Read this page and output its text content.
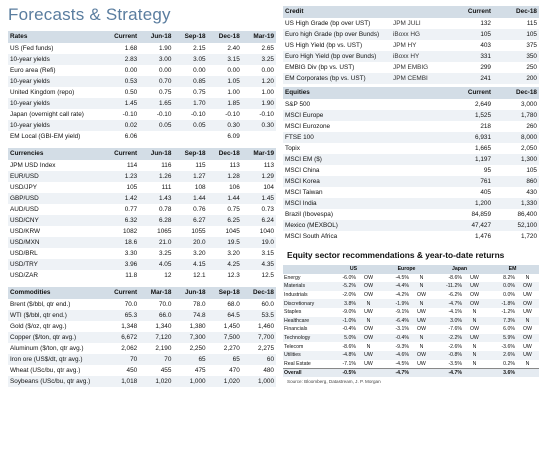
Forecasts & Strategy
Rates	Current	Jun-18	Sep-18	Dec-18	Mar-19
US (Fed funds)	1.68	1.90	2.15	2.40	2.65
10-year yields	2.83	3.00	3.05	3.15	3.25
Euro area (Refi)	0.00	0.00	0.00	0.00	0.00
10-year yields	0.53	0.70	0.85	1.05	1.20
United Kingdom (repo)	0.50	0.75	0.75	1.00	1.00
10-year yields	1.45	1.65	1.70	1.85	1.90
Japan (overnight call rate)	-0.10	-0.10	-0.10	-0.10	-0.10
10-year yields	0.02	0.05	0.05	0.30	0.30
EM Local (GBI-EM yield)	6.06			6.09	
Currencies	Current	Jun-18	Sep-18	Dec-18	Mar-19
JPM USD Index	114	116	115	113	113
EUR/USD	1.23	1.26	1.27	1.28	1.29
USD/JPY	105	111	108	106	104
GBP/USD	1.42	1.43	1.44	1.44	1.45
AUD/USD	0.77	0.78	0.76	0.75	0.73
USD/CNY	6.32	6.28	6.27	6.25	6.24
USD/KRW	1082	1065	1055	1045	1040
USD/MXN	18.6	21.0	20.0	19.5	19.0
USD/BRL	3.30	3.25	3.20	3.20	3.15
USD/TRY	3.96	4.05	4.15	4.25	4.35
USD/ZAR	11.8	12	12.1	12.3	12.5
Commodities	Current	Mar-18	Jun-18	Sep-18	Dec-18
Brent ($/bbl, qtr end.)	70.0	70.0	78.0	68.0	60.0
WTI ($/bbl, qtr end.)	65.3	66.0	74.8	64.5	53.5
Gold ($/oz, qtr avg.)	1,348	1,340	1,380	1,450	1,460
Copper ($/ton, qtr avg.)	6,672	7,120	7,300	7,500	7,700
Aluminum ($/ton, qtr avg.)	2,062	2,190	2,250	2,270	2,275
Iron ore (US$/dt, qtr avg.)	70	70	65	65	60
Wheat (USc/bu, qtr avg.)	450	455	475	470	480
Soybeans (USc/bu, qtr avg.)	1,018	1,020	1,000	1,020	1,000
Credit		Current	Dec-18
US High Grade (bp over UST)	JPM JULI	132	115
Euro high Grade (bp over Bunds)	iBoxx HG	105	105
US High Yield (bp vs. UST)	JPM HY	403	375
Euro High Yield (bp over Bunds)	iBoxx HY	331	350
EMBIG Div (bp vs. UST)	JPM EMBIG	299	250
EM Corporates (bp vs. UST)	JPM CEMBI	241	200
Equities		Current	Dec-18
S&P 500		2,649	3,000
MSCI Europe		1,525	1,780
MSCI Eurozone		218	260
FTSE 100		6,931	8,000
Topix		1,665	2,050
MSCI EM ($)		1,197	1,300
MSCI China		95	105
MSCI Korea		761	860
MSCI Taiwan		405	430
MSCI India		1,200	1,330
Brazil (Ibovespa)		84,859	86,400
Mexico (MEXBOL)		47,427	52,100
MSCI South Africa		1,476	1,720
Equity sector recommendations & year-to-date returns
	US		Europe		Japan		EM	
Energy	-6.0%	OW	-4.5%	N	-8.6%	UW	8.2%	N
Materials	-5.2%	OW	-4.4%	N	-11.2%	UW	0.0%	OW
Industrials	-2.0%	OW	-4.2%	OW	-6.2%	OW	0.0%	UW
Discretionary	3.8%	N	-1.9%	N	-4.7%	OW	-1.8%	OW
Staples	-9.0%	UW	-9.1%	UW	-4.1%	N	-1.2%	UW
Healthcare	-1.0%	N	-6.4%	UW	3.0%	N	7.3%	N
Financials	-0.4%	OW	-3.1%	OW	-7.6%	OW	6.0%	OW
Technology	5.0%	OW	-0.4%	N	-2.2%	UW	5.9%	OW
Telecom	-8.6%	N	-9.3%	N	-2.6%	N	-3.6%	UW
Utilities	-4.8%	UW	-4.6%	OW	-0.8%	N	2.6%	UW
Real Estate	-7.1%	UW	-4.5%	UW	-3.5%	N	0.2%	N
Overall	-0.5%		-4.7%		-4.7%		3.6%	
Source: Bloomberg, Datastream, J. P. Morgan
